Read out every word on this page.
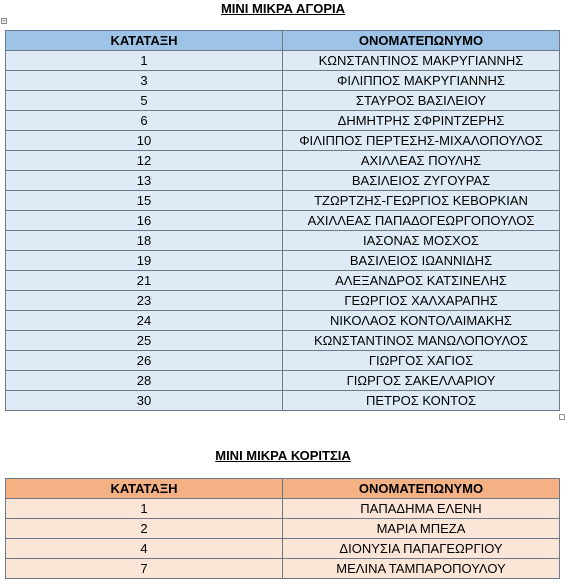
+
ΜΙΝΙ ΜΙΚΡΑ ΑΓΟΡΙΑ
ΚΑΤΑΤΑΞΗ	ΟΝΟΜΑΤΕΠΩΝΥΜΟ
1	ΚΩΝΣΤΑΝΤΙΝΟΣ ΜΑΚΡΥΓΙΑΝΝΗΣ
3	ΦΙΛΙΠΠΟΣ ΜΑΚΡΥΓΙΑΝΝΗΣ
5	ΣΤΑΥΡΟΣ ΒΑΣΙΛΕΙΟΥ
6	ΔΗΜΗΤΡΗΣ ΣΦΡΙΝΤΖΕΡΗΣ
10	ΦΙΛΙΠΠΟΣ ΠΕΡΤΕΣΗΣ-ΜΙΧΑΛΟΠΟΥΛΟΣ
12	ΑΧΙΛΛΕΑΣ ΠΟΥΛΗΣ
13	ΒΑΣΙΛΕΙΟΣ ΖΥΓΟΥΡΑΣ
15	ΤΖΩΡΤΖΗΣ-ΓΕΩΡΓΙΟΣ ΚΕΒΟΡΚΙΑΝ
16	ΑΧΙΛΛΕΑΣ ΠΑΠΑΔΟΓΕΩΡΓΟΠΟΥΛΟΣ
18	ΙΑΣΟΝΑΣ ΜΟΣΧΟΣ
19	ΒΑΣΙΛΕΙΟΣ ΙΩΑΝΝΙΔΗΣ
21	ΑΛΕΞΑΝΔΡΟΣ ΚΑΤΣΙΝΕΛΗΣ
23	ΓΕΩΡΓΙΟΣ ΧΑΛΧΑΡΑΠΗΣ
24	ΝΙΚΟΛΑΟΣ ΚΟΝΤΟΛΑΙΜΑΚΗΣ
25	ΚΩΝΣΤΑΝΤΙΝΟΣ ΜΑΝΩΛΟΠΟΥΛΟΣ
26	ΓΙΩΡΓΟΣ ΧΑΓΙΟΣ
28	ΓΙΩΡΓΟΣ ΣΑΚΕΛΛΑΡΙΟΥ
30	ΠΕΤΡΟΣ ΚΟΝΤΟΣ
ΜΙΝΙ ΜΙΚΡΑ ΚΟΡΙΤΣΙΑ
ΚΑΤΑΤΑΞΗ	ΟΝΟΜΑΤΕΠΩΝΥΜΟ
1	ΠΑΠΑΔΗΜΑ ΕΛΕΝΗ
2	ΜΑΡΙΑ ΜΠΕΖΑ
4	ΔΙΟΝΥΣΙΑ ΠΑΠΑΓΕΩΡΓΙΟΥ
7	ΜΕΛΙΝΑ ΤΑΜΠΑΡΟΠΟΥΛΟΥ
